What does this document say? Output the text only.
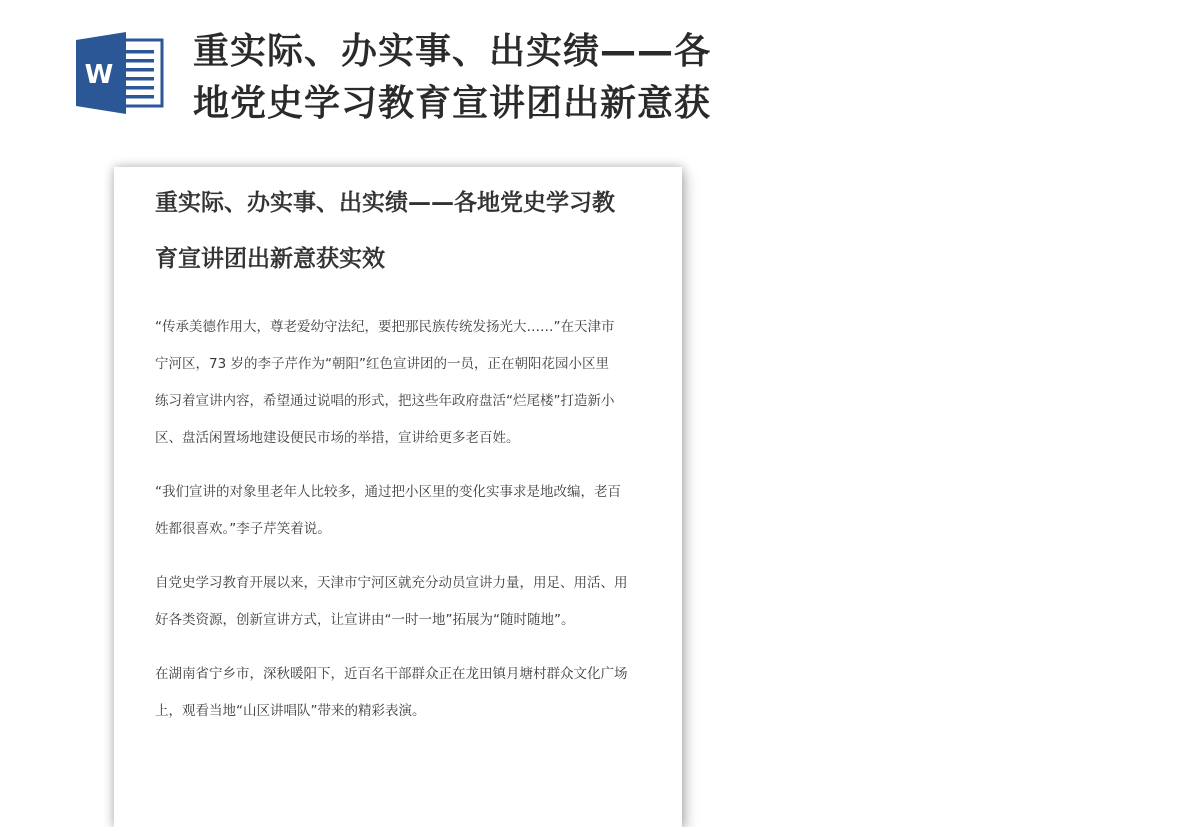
W
重实际、办实事、出实绩——各
地党史学习教育宣讲团出新意获
重实际、办实事、出实绩——各地党史学习教
育宣讲团出新意获实效

“传承美德作用大，尊老爱幼守法纪，要把那民族传统发扬光大……”在天津市
宁河区，73 岁的李子芹作为“朝阳”红色宣讲团的一员，正在朝阳花园小区里
练习着宣讲内容，希望通过说唱的形式，把这些年政府盘活“烂尾楼”打造新小
区、盘活闲置场地建设便民市场的举措，宣讲给更多老百姓。

“我们宣讲的对象里老年人比较多，通过把小区里的变化实事求是地改编，老百
姓都很喜欢。”李子芹笑着说。

自党史学习教育开展以来，天津市宁河区就充分动员宣讲力量，用足、用活、用
好各类资源，创新宣讲方式，让宣讲由“一时一地”拓展为“随时随地”。

在湖南省宁乡市，深秋暖阳下，近百名干部群众正在龙田镇月塘村群众文化广场
上，观看当地“山区讲唱队”带来的精彩表演。
